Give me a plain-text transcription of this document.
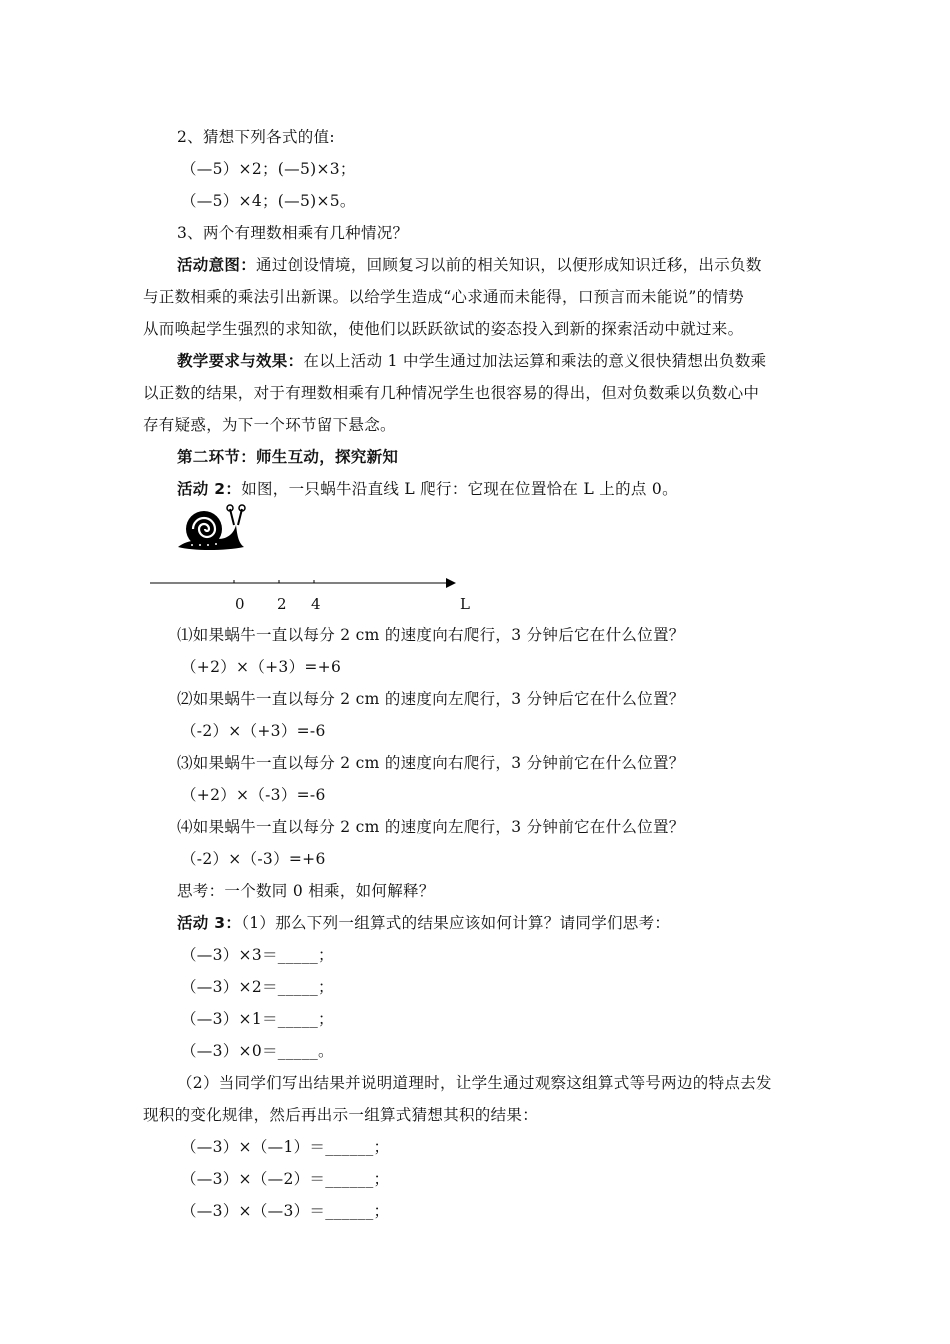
2、猜想下列各式的值:
（—5）×2；(—5)×3；
（—5）×4；(—5)×5。
3、两个有理数相乘有几种情况？
活动意图：通过创设情境，回顾复习以前的相关知识，以便形成知识迁移，出示负数
与正数相乘的乘法引出新课。以给学生造成“心求通而未能得，口预言而未能说”的情势
从而唤起学生强烈的求知欲，使他们以跃跃欲试的姿态投入到新的探索活动中就过来。
教学要求与效果：在以上活动 1 中学生通过加法运算和乘法的意义很快猜想出负数乘
以正数的结果，对于有理数相乘有几种情况学生也很容易的得出，但对负数乘以负数心中
存有疑惑，为下一个环节留下悬念。
第二环节：师生互动，探究新知
活动 2：如图，一只蜗牛沿直线 L 爬行：它现在位置恰在 L 上的点 0。
0 2 4	L
⑴如果蜗牛一直以每分 2 cm 的速度向右爬行，3 分钟后它在什么位置？
（+2）×（+3）=+6
⑵如果蜗牛一直以每分 2 cm 的速度向左爬行，3 分钟后它在什么位置？
（-2）×（+3）=-6
⑶如果蜗牛一直以每分 2 cm 的速度向右爬行，3 分钟前它在什么位置？
（+2）×（-3）=-6
⑷如果蜗牛一直以每分 2 cm 的速度向左爬行，3 分钟前它在什么位置？
（-2）×（-3）=+6
思考：一个数同 0 相乘，如何解释？
活动 3：（1）那么下列一组算式的结果应该如何计算？请同学们思考：
（—3）×3＝_____；
（—3）×2＝_____；
（—3）×1＝_____；
（—3）×0＝_____。
（2）当同学们写出结果并说明道理时，让学生通过观察这组算式等号两边的特点去发
现积的变化规律，然后再出示一组算式猜想其积的结果：
（—3）×（—1）＝______；
（—3）×（—2）＝______；
（—3）×（—3）＝______；
